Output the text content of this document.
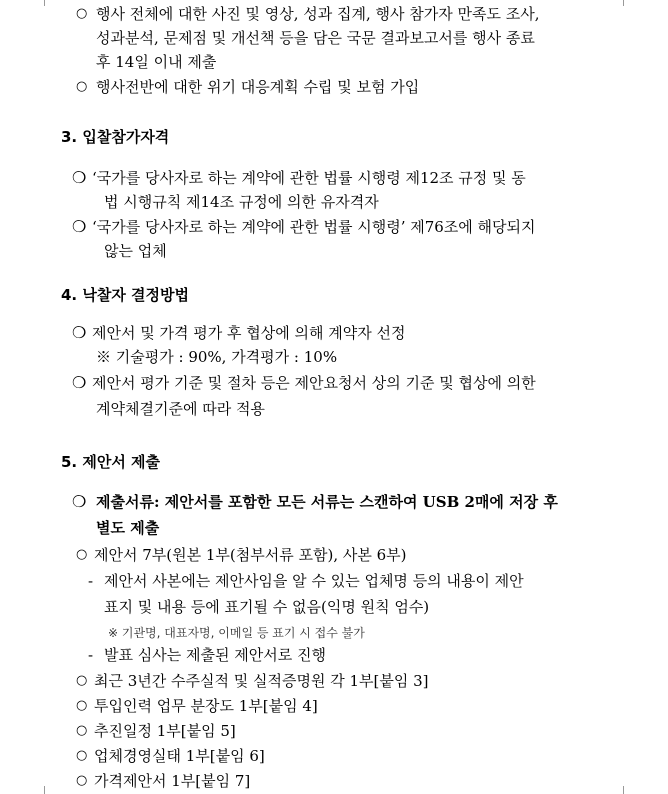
○ 행사 전체에 대한 사진 및 영상, 성과 집계, 행사 참가자 만족도 조사,
성과분석, 문제점 및 개선책 등을 담은 국문 결과보고서를 행사 종료
후 14일 이내 제출
○ 행사전반에 대한 위기 대응계획 수립 및 보험 가입
3. 입찰참가자격
❍ ‘국가를 당사자로 하는 계약에 관한 법률 시행령 제12조 규정 및 동
법 시행규칙 제14조 규정에 의한 유자격자
❍ ‘국가를 당사자로 하는 계약에 관한 법률 시행령’ 제76조에 해당되지
않는 업체
4. 낙찰자 결정방법
❍ 제안서 및 가격 평가 후 협상에 의해 계약자 선정
※ 기술평가 : 90%, 가격평가 : 10%
❍ 제안서 평가 기준 및 절차 등은 제안요청서 상의 기준 및 협상에 의한
계약체결기준에 따라 적용
5. 제안서 제출
❍ 제출서류: 제안서를 포함한 모든 서류는 스캔하여 USB 2매에 저장 후
별도 제출
○ 제안서 7부(원본 1부(첨부서류 포함), 사본 6부)
- 제안서 사본에는 제안사임을 알 수 있는 업체명 등의 내용이 제안
표지 및 내용 등에 표기될 수 없음(익명 원칙 엄수)
※ 기관명, 대표자명, 이메일 등 표기 시 접수 불가
- 발표 심사는 제출된 제안서로 진행
○ 최근 3년간 수주실적 및 실적증명원 각 1부[붙임 3]
○ 투입인력 업무 분장도 1부[붙임 4]
○ 추진일정 1부[붙임 5]
○ 업체경영실태 1부[붙임 6]
○ 가격제안서 1부[붙임 7]
